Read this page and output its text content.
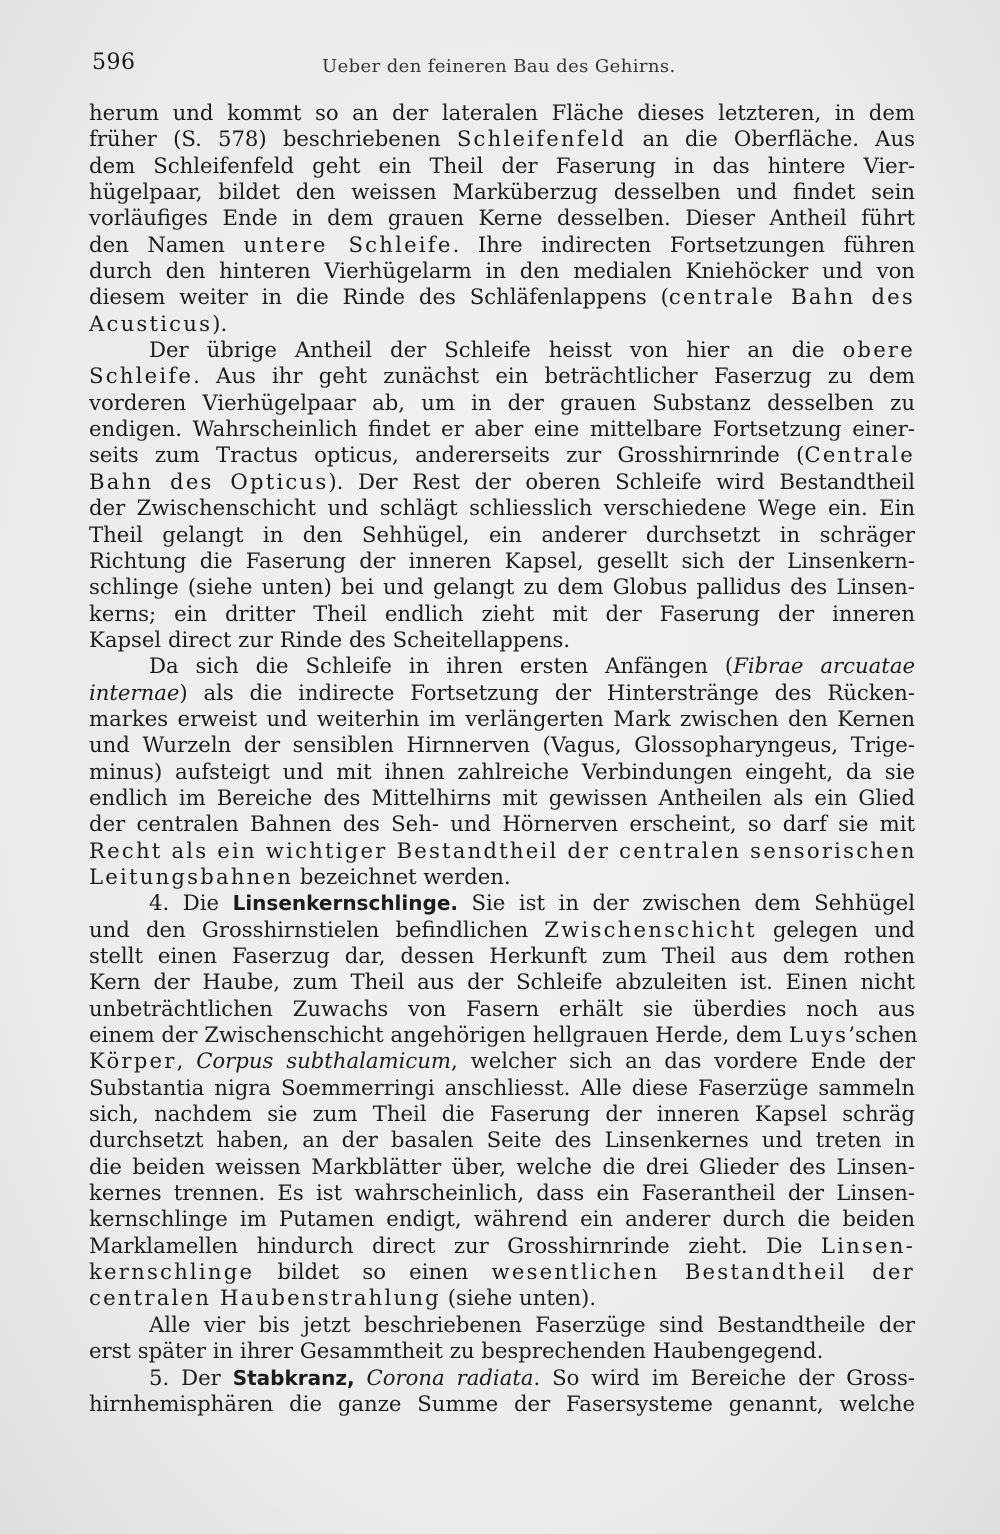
596	Ueber den feineren Bau des Gehirns.
herum und kommt so an der lateralen Fläche dieses letzteren, in dem
früher (S. 578) beschriebenen Schleifenfeld an die Oberfläche. Aus
dem Schleifenfeld geht ein Theil der Faserung in das hintere Vier-
hügelpaar, bildet den weissen Marküberzug desselben und findet sein
vorläufiges Ende in dem grauen Kerne desselben. Dieser Antheil führt
den Namen untere Schleife. Ihre indirecten Fortsetzungen führen
durch den hinteren Vierhügelarm in den medialen Kniehöcker und von
diesem weiter in die Rinde des Schläfenlappens (centrale Bahn des
Acusticus).
Der übrige Antheil der Schleife heisst von hier an die obere
Schleife. Aus ihr geht zunächst ein beträchtlicher Faserzug zu dem
vorderen Vierhügelpaar ab, um in der grauen Substanz desselben zu
endigen. Wahrscheinlich findet er aber eine mittelbare Fortsetzung einer-
seits zum Tractus opticus, andererseits zur Grosshirnrinde (Centrale
Bahn des Opticus). Der Rest der oberen Schleife wird Bestandtheil
der Zwischenschicht und schlägt schliesslich verschiedene Wege ein. Ein
Theil gelangt in den Sehhügel, ein anderer durchsetzt in schräger
Richtung die Faserung der inneren Kapsel, gesellt sich der Linsenkern-
schlinge (siehe unten) bei und gelangt zu dem Globus pallidus des Linsen-
kerns; ein dritter Theil endlich zieht mit der Faserung der inneren
Kapsel direct zur Rinde des Scheitellappens.
Da sich die Schleife in ihren ersten Anfängen (Fibrae arcuatae
internae) als die indirecte Fortsetzung der Hinterstränge des Rücken-
markes erweist und weiterhin im verlängerten Mark zwischen den Kernen
und Wurzeln der sensiblen Hirnnerven (Vagus, Glossopharyngeus, Trige-
minus) aufsteigt und mit ihnen zahlreiche Verbindungen eingeht, da sie
endlich im Bereiche des Mittelhirns mit gewissen Antheilen als ein Glied
der centralen Bahnen des Seh- und Hörnerven erscheint, so darf sie mit
Recht als ein wichtiger Bestandtheil der centralen sensorischen
Leitungsbahnen bezeichnet werden.
4. Die Linsenkernschlinge. Sie ist in der zwischen dem Sehhügel
und den Grosshirnstielen befindlichen Zwischenschicht gelegen und
stellt einen Faserzug dar, dessen Herkunft zum Theil aus dem rothen
Kern der Haube, zum Theil aus der Schleife abzuleiten ist. Einen nicht
unbeträchtlichen Zuwachs von Fasern erhält sie überdies noch aus
einem der Zwischenschicht angehörigen hellgrauen Herde, dem Luys’schen
Körper, Corpus subthalamicum, welcher sich an das vordere Ende der
Substantia nigra Soemmerringi anschliesst. Alle diese Faserzüge sammeln
sich, nachdem sie zum Theil die Faserung der inneren Kapsel schräg
durchsetzt haben, an der basalen Seite des Linsenkernes und treten in
die beiden weissen Markblätter über, welche die drei Glieder des Linsen-
kernes trennen. Es ist wahrscheinlich, dass ein Faserantheil der Linsen-
kernschlinge im Putamen endigt, während ein anderer durch die beiden
Marklamellen hindurch direct zur Grosshirnrinde zieht. Die Linsen-
kernschlinge bildet so einen wesentlichen Bestandtheil der
centralen Haubenstrahlung (siehe unten).
Alle vier bis jetzt beschriebenen Faserzüge sind Bestandtheile der
erst später in ihrer Gesammtheit zu besprechenden Haubengegend.
5. Der Stabkranz, Corona radiata. So wird im Bereiche der Gross-
hirnhemisphären die ganze Summe der Fasersysteme genannt, welche
